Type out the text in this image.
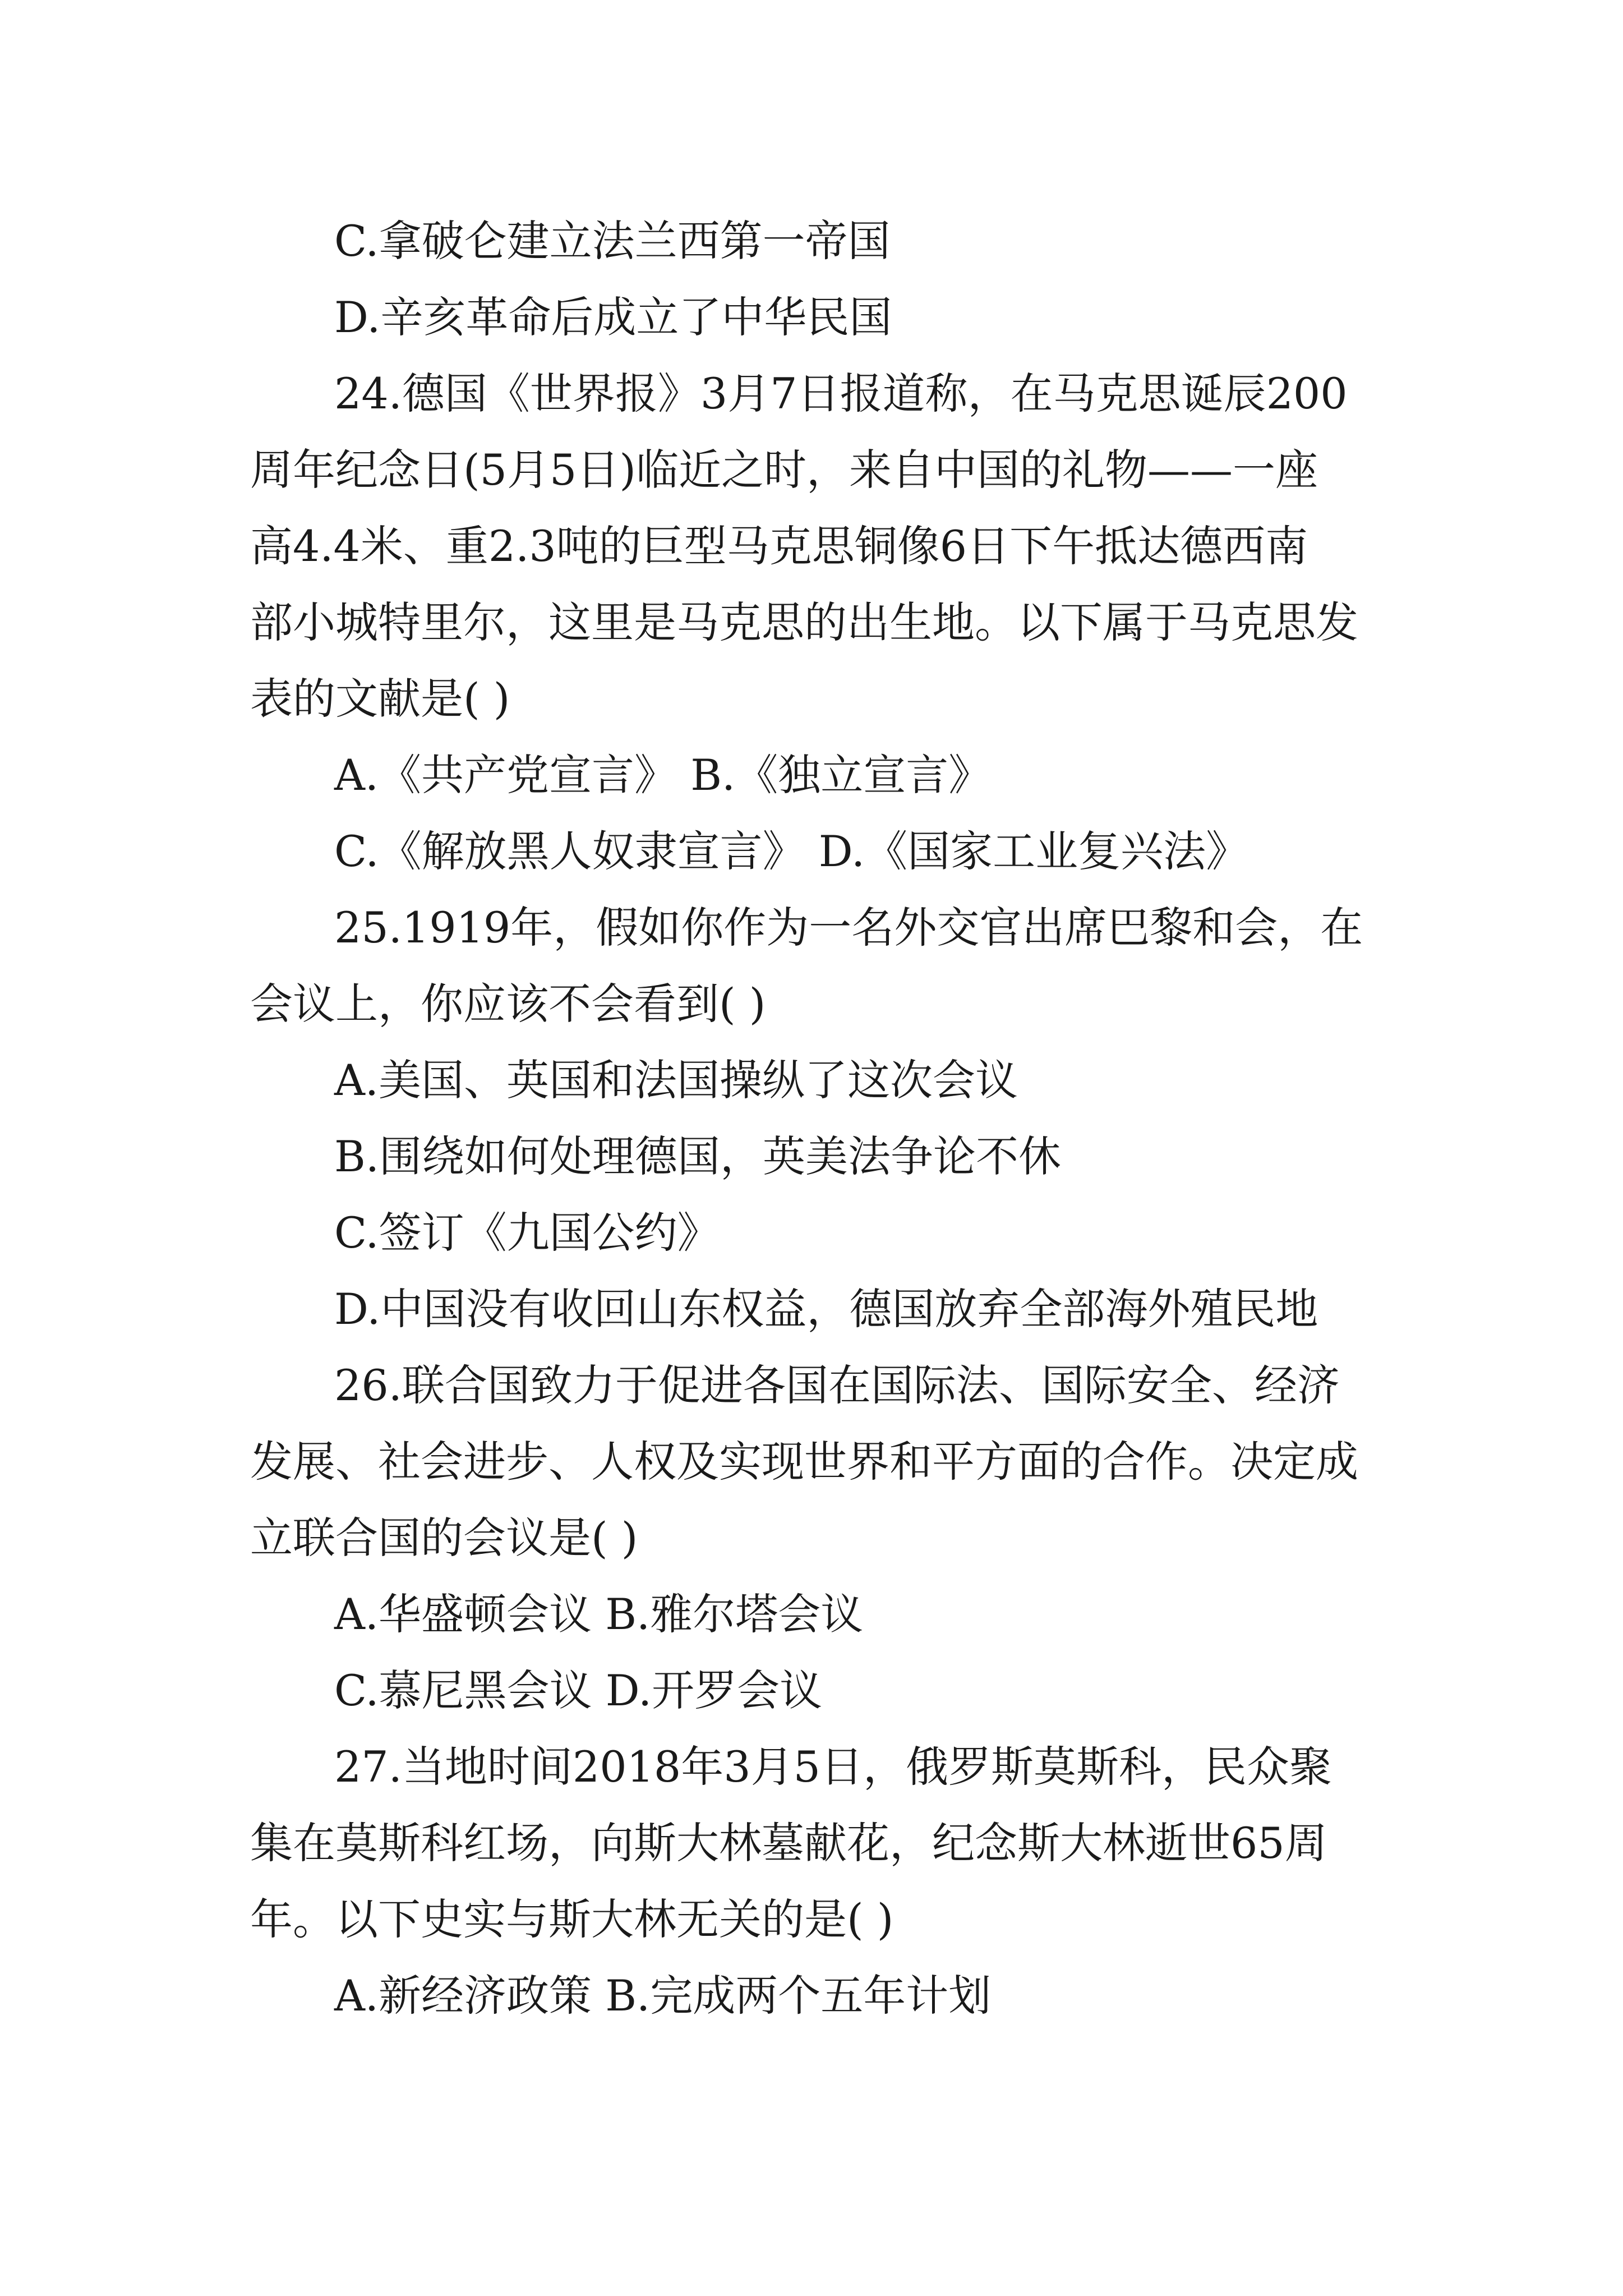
C.拿破仑建立法兰西第一帝国
D.辛亥革命后成立了中华民国
24.德国《世界报》3月7日报道称，在马克思诞辰200
周年纪念日(5月5日)临近之时，来自中国的礼物——一座
高4.4米、重2.3吨的巨型马克思铜像6日下午抵达德西南
部小城特里尔，这里是马克思的出生地。以下属于马克思发
表的文献是( )
A.《共产党宣言》 B.《独立宣言》
C.《解放黑人奴隶宣言》 D.《国家工业复兴法》
25.1919年，假如你作为一名外交官出席巴黎和会，在
会议上，你应该不会看到( )
A.美国、英国和法国操纵了这次会议
B.围绕如何处理德国，英美法争论不休
C.签订《九国公约》
D.中国没有收回山东权益，德国放弃全部海外殖民地
26.联合国致力于促进各国在国际法、国际安全、经济
发展、社会进步、人权及实现世界和平方面的合作。决定成
立联合国的会议是( )
A.华盛顿会议 B.雅尔塔会议
C.慕尼黑会议 D.开罗会议
27.当地时间2018年3月5日，俄罗斯莫斯科，民众聚
集在莫斯科红场，向斯大林墓献花，纪念斯大林逝世65周
年。以下史实与斯大林无关的是( )
A.新经济政策 B.完成两个五年计划
